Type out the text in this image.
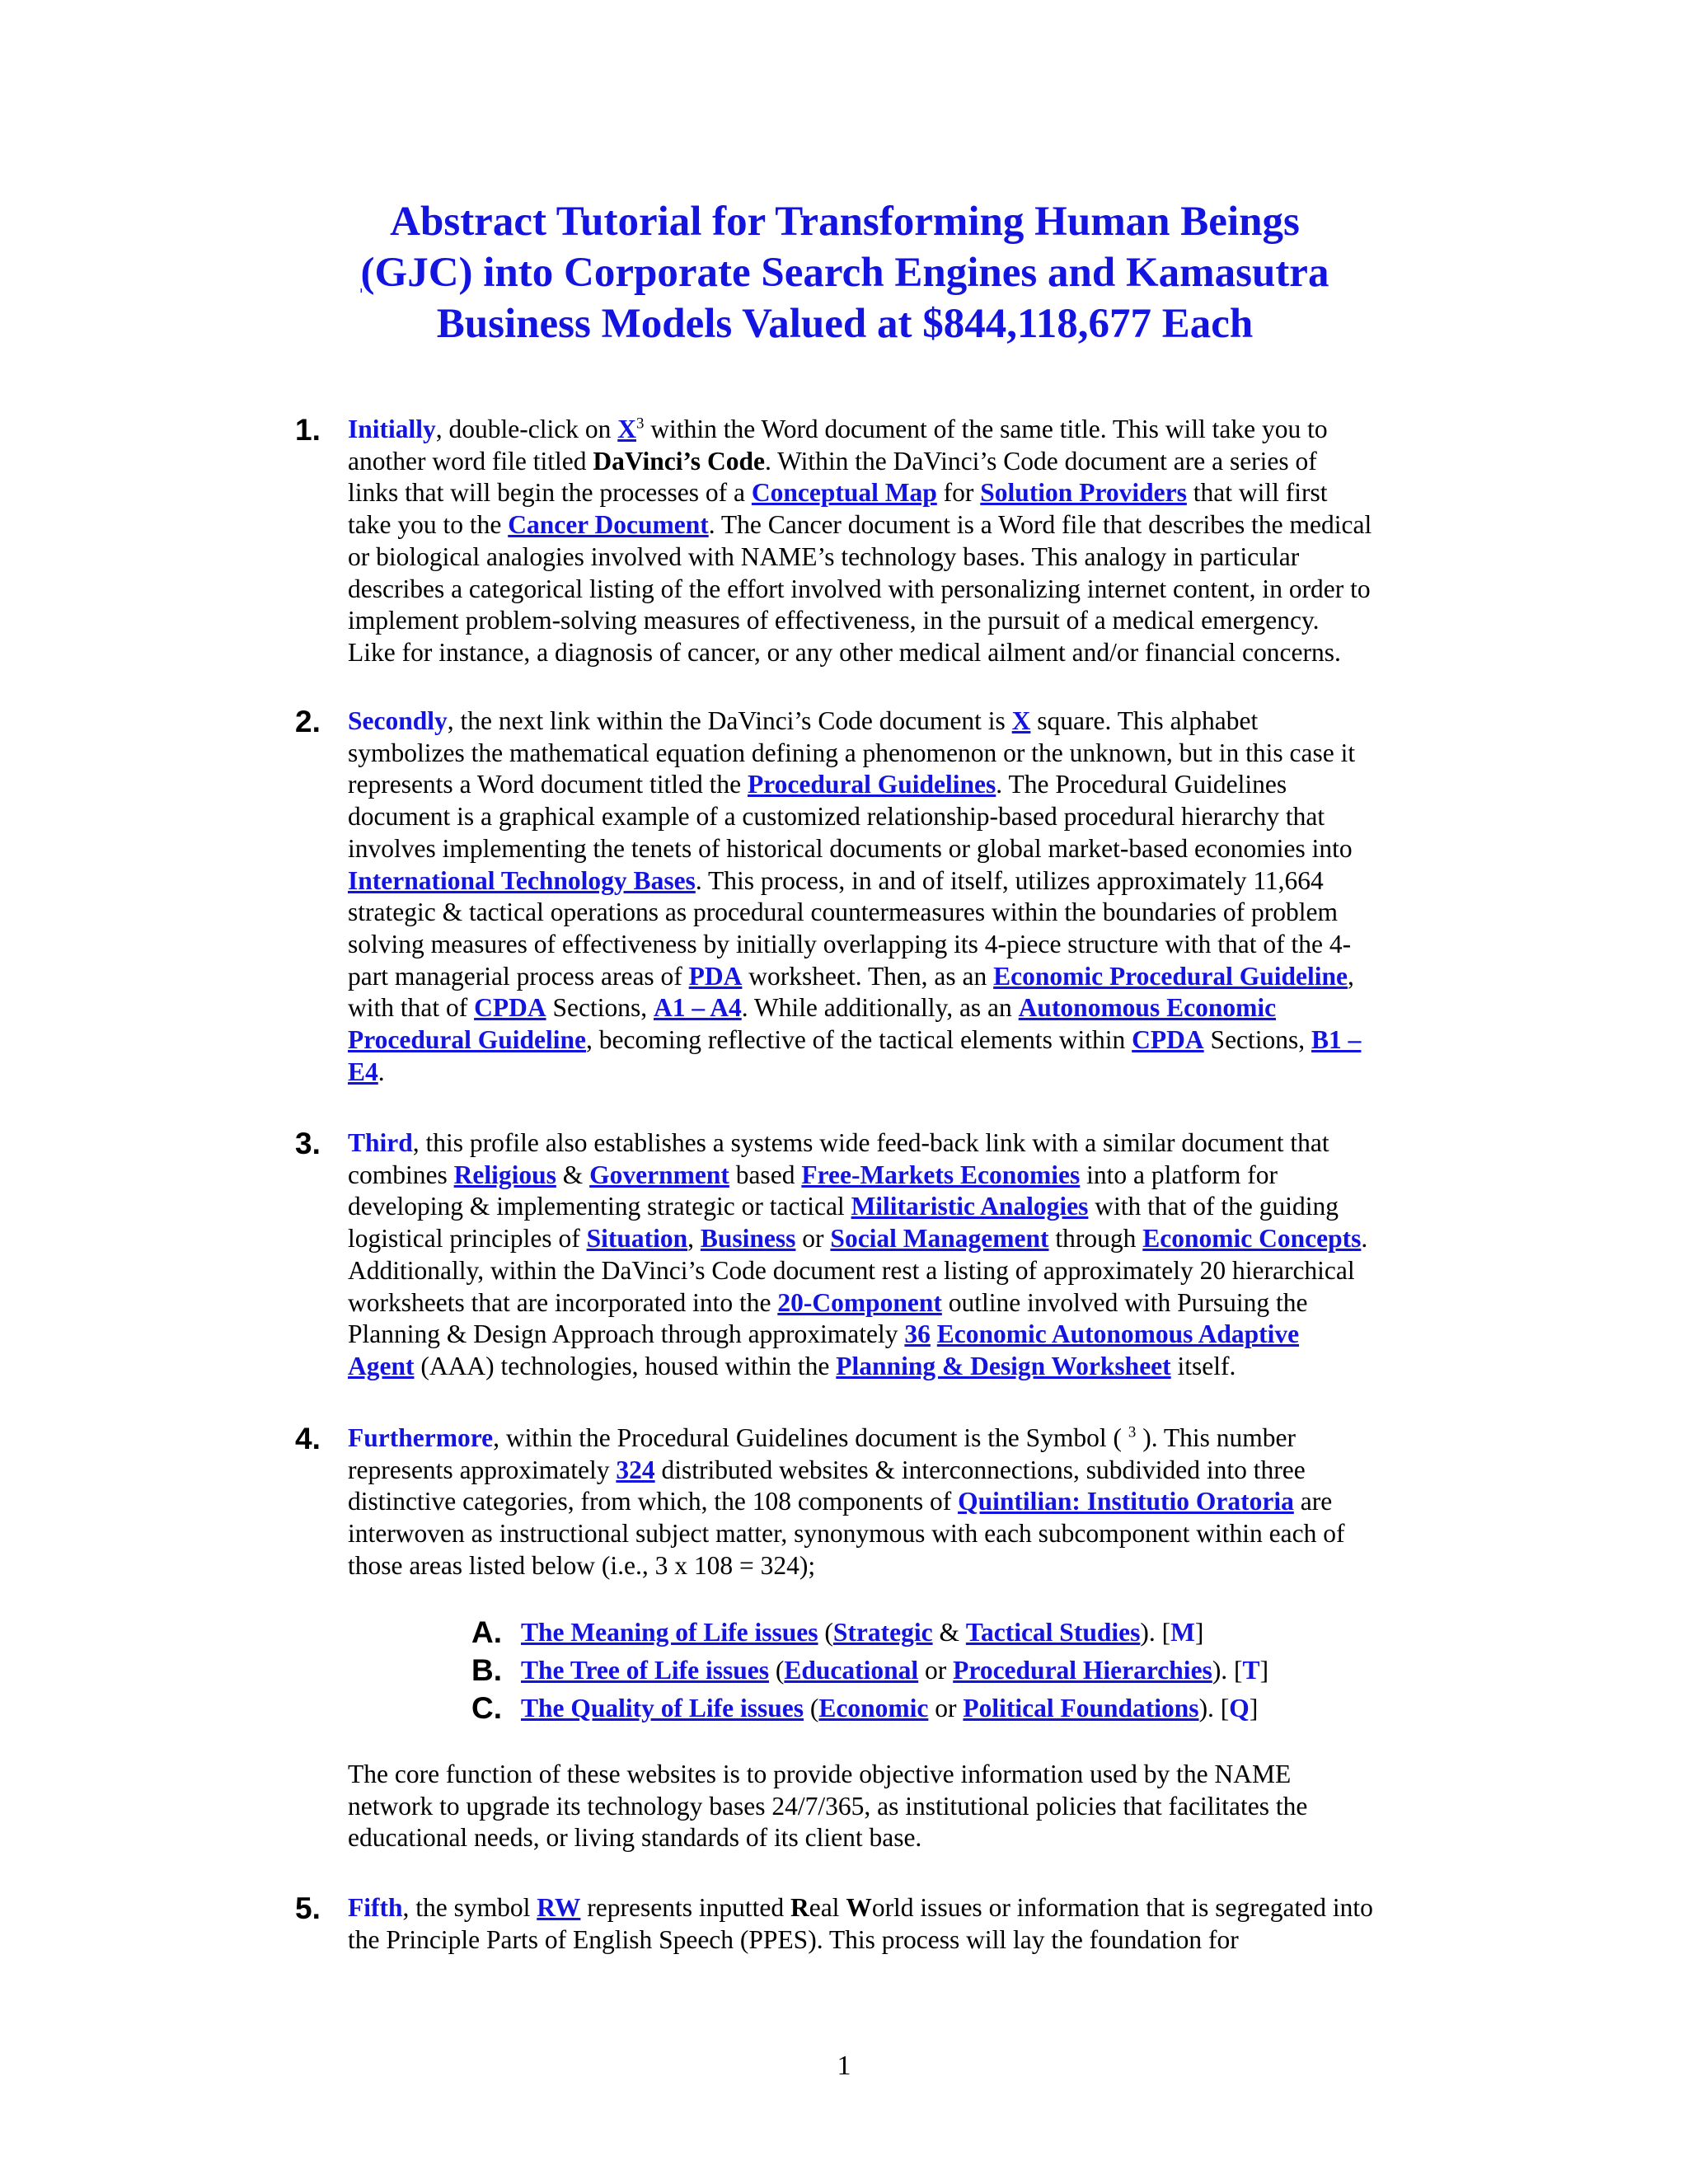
Abstract Tutorial for Transforming Human Beings
(GJC) into Corporate Search Engines and Kamasutra
Business Models Valued at $844,118,677 Each
1. Initially, double-click on $X^3$ within the Word document of the same title. This will take you to
another word file titled DaVinci’s Code. Within the DaVinci’s Code document are a series of
links that will begin the processes of a Conceptual Map for Solution Providers that will first
take you to the Cancer Document. The Cancer document is a Word file that describes the medical
or biological analogies involved with NAME’s technology bases. This analogy in particular
describes a categorical listing of the effort involved with personalizing internet content, in order to
implement problem-solving measures of effectiveness, in the pursuit of a medical emergency.
Like for instance, a diagnosis of cancer, or any other medical ailment and/or financial concerns.
2. Secondly, the next link within the DaVinci’s Code document is X square. This alphabet
symbolizes the mathematical equation defining a phenomenon or the unknown, but in this case it
represents a Word document titled the Procedural Guidelines. The Procedural Guidelines
document is a graphical example of a customized relationship-based procedural hierarchy that
involves implementing the tenets of historical documents or global market-based economies into
International Technology Bases. This process, in and of itself, utilizes approximately 11,664
strategic & tactical operations as procedural countermeasures within the boundaries of problem
solving measures of effectiveness by initially overlapping its 4-piece structure with that of the 4-
part managerial process areas of PDA worksheet. Then, as an Economic Procedural Guideline,
with that of CPDA Sections, A1 – A4. While additionally, as an Autonomous Economic
Procedural Guideline, becoming reflective of the tactical elements within CPDA Sections, B1 –
E4.
3. Third, this profile also establishes a systems wide feed-back link with a similar document that
combines Religious & Government based Free-Markets Economies into a platform for
developing & implementing strategic or tactical Militaristic Analogies with that of the guiding
logistical principles of Situation, Business or Social Management through Economic Concepts.
Additionally, within the DaVinci’s Code document rest a listing of approximately 20 hierarchical
worksheets that are incorporated into the 20-Component outline involved with Pursuing the
Planning & Design Approach through approximately 36 Economic Autonomous Adaptive
Agent (AAA) technologies, housed within the Planning & Design Worksheet itself.
4. Furthermore, within the Procedural Guidelines document is the Symbol ( $^3$ ). This number
represents approximately 324 distributed websites & interconnections, subdivided into three
distinctive categories, from which, the 108 components of Quintilian: Institutio Oratoria are
interwoven as instructional subject matter, synonymous with each subcomponent within each of
those areas listed below (i.e., 3 x 108 = 324);
A. The Meaning of Life issues (Strategic & Tactical Studies). [M]
B. The Tree of Life issues (Educational or Procedural Hierarchies). [T]
C. The Quality of Life issues (Economic or Political Foundations). [Q]
The core function of these websites is to provide objective information used by the NAME
network to upgrade its technology bases 24/7/365, as institutional policies that facilitates the
educational needs, or living standards of its client base.
5. Fifth, the symbol RW represents inputted Real World issues or information that is segregated into
the Principle Parts of English Speech (PPES). This process will lay the foundation for
1
